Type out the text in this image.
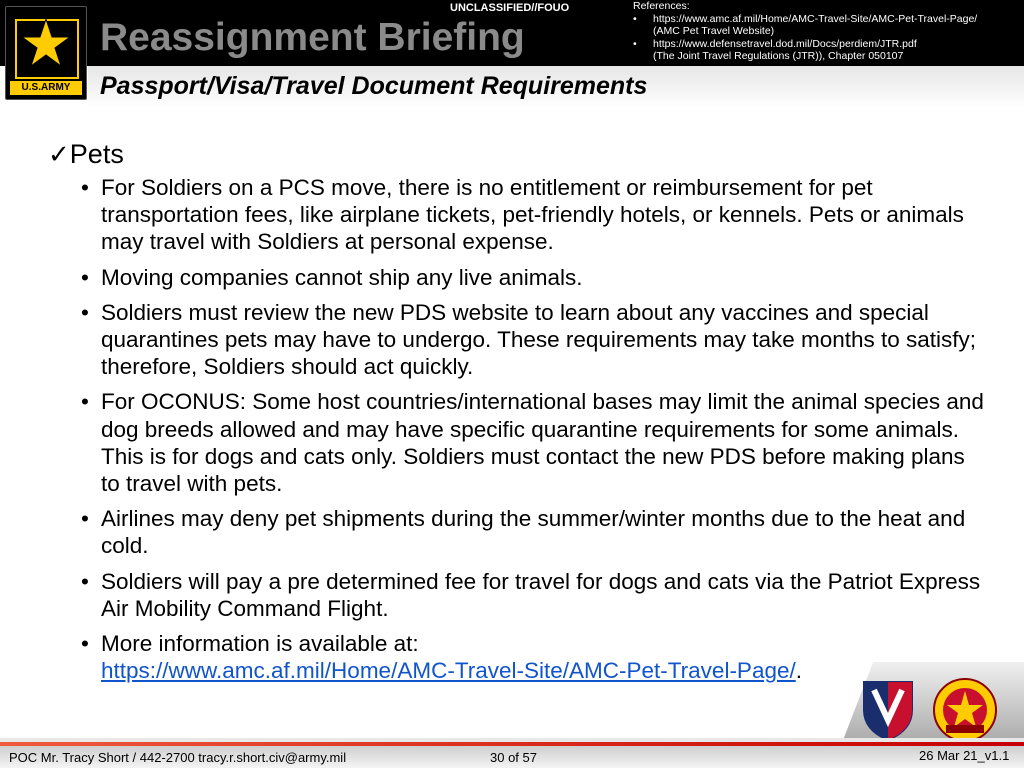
U.S.ARMY
UNCLASSIFIED//FOUO
Reassignment Briefing
References:
• https://www.amc.af.mil/Home/AMC-Travel-Site/AMC-Pet-Travel-Page/
(AMC Pet Travel Website)
• https://www.defensetravel.dod.mil/Docs/perdiem/JTR.pdf
(The Joint Travel Regulations (JTR)), Chapter 050107
Passport/Visa/Travel Document Requirements
✓Pets
• For Soldiers on a PCS move, there is no entitlement or reimbursement for pet transportation fees, like airplane tickets, pet-friendly hotels, or kennels. Pets or animals may travel with Soldiers at personal expense.
• Moving companies cannot ship any live animals.
• Soldiers must review the new PDS website to learn about any vaccines and special quarantines pets may have to undergo. These requirements may take months to satisfy; therefore, Soldiers should act quickly.
• For OCONUS: Some host countries/international bases may limit the animal species and dog breeds allowed and may have specific quarantine requirements for some animals. This is for dogs and cats only. Soldiers must contact the new PDS before making plans to travel with pets.
• Airlines may deny pet shipments during the summer/winter months due to the heat and cold.
• Soldiers will pay a pre determined fee for travel for dogs and cats via the Patriot Express Air Mobility Command Flight.
• More information is available at:
https://www.amc.af.mil/Home/AMC-Travel-Site/AMC-Pet-Travel-Page/.
POC Mr. Tracy Short / 442-2700 tracy.r.short.civ@army.mil	30 of 57	26 Mar 21_v1.1
